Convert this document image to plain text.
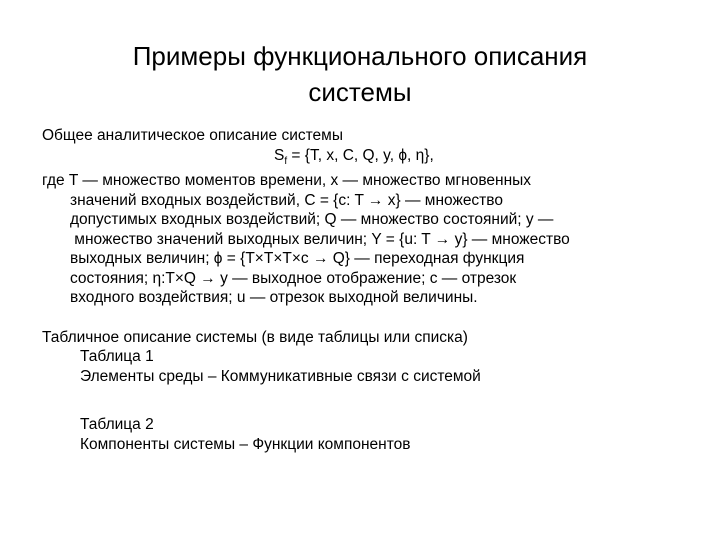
Примеры функционального описания
системы
Общее аналитическое описание системы
$S_f = \{T$, x, C, Q, y, ϕ, η},
где T — множество моментов времени, x — множество мгновенных
значений входных воздействий, C = {c: T → x} — множество
допустимых входных воздействий; Q — множество состояний; y —
множество значений выходных величин; Y = {u: T → y} — множество
выходных величин; ϕ = {T×T×T×c → Q} — переходная функция
состояния; η:T×Q → y — выходное отображение; c — отрезок
входного воздействия; u — отрезок выходной величины.
Табличное описание системы (в виде таблицы или списка)
Таблица 1
Элементы среды – Коммуникативные связи с системой
Таблица 2
Компоненты системы – Функции компонентов
